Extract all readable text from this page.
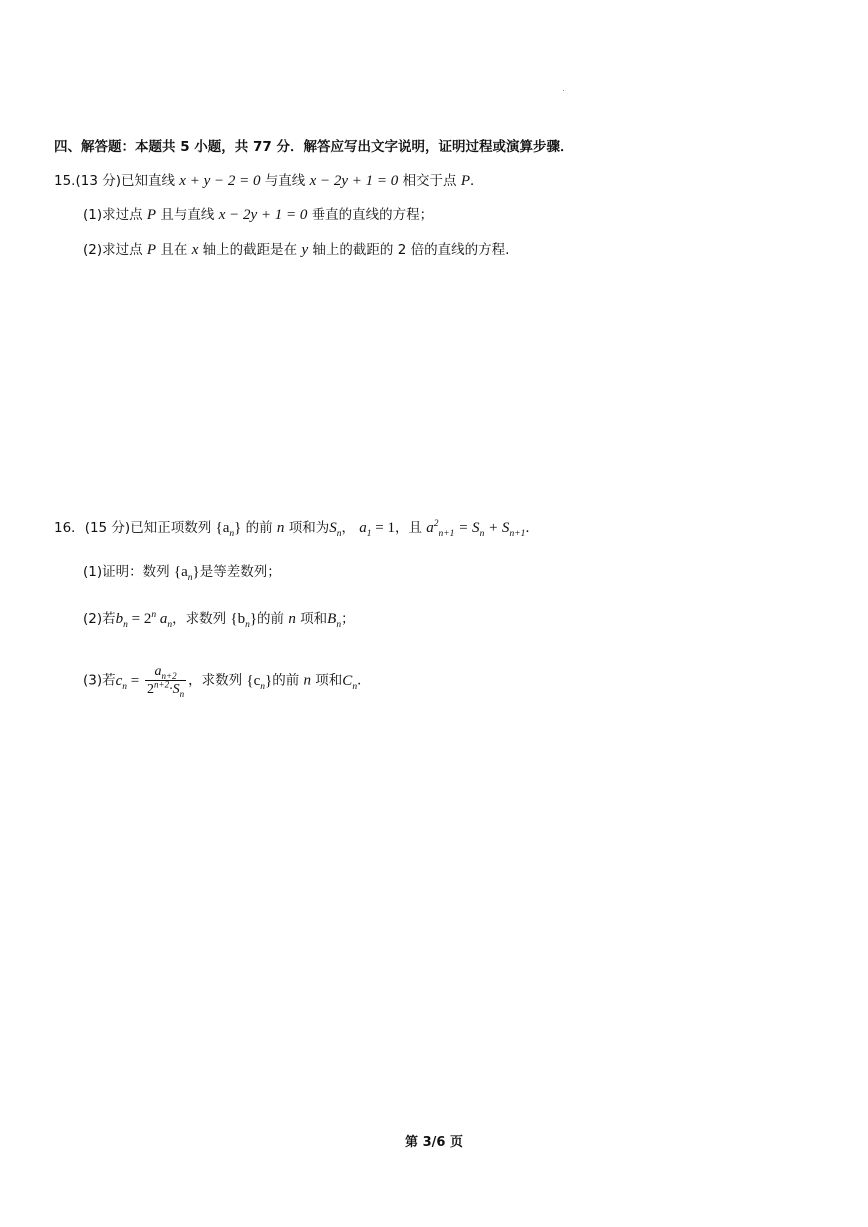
四、解答题：本题共 5 小题，共 77 分．解答应写出文字说明，证明过程或演算步骤．
15.(13 分)已知直线 x + y − 2 = 0 与直线 x − 2y + 1 = 0 相交于点 P．
(1)求过点 P 且与直线 x − 2y + 1 = 0 垂直的直线的方程；
(2)求过点 P 且在 x 轴上的截距是在 y 轴上的截距的 2 倍的直线的方程.
16．(15 分)已知正项数列 $\{a_n\}$ 的前 n 项和为$S_n$， $a_1 = 1$，且 $a^2_{n+1} = S_n + S_{n+1}$．
(1)证明：数列 $\{a_n\}$是等差数列；
(2)若$b_n = 2^n$ $a_n$，求数列 $\{b_n\}$的前 n 项和$B_n$；
(3)若$c_n = \frac{a_{n+2}}{2^{n+2}\cdot S_n}$ ，求数列 $\{c_n\}$的前 n 项和$C_n$．
第 3/6 页
